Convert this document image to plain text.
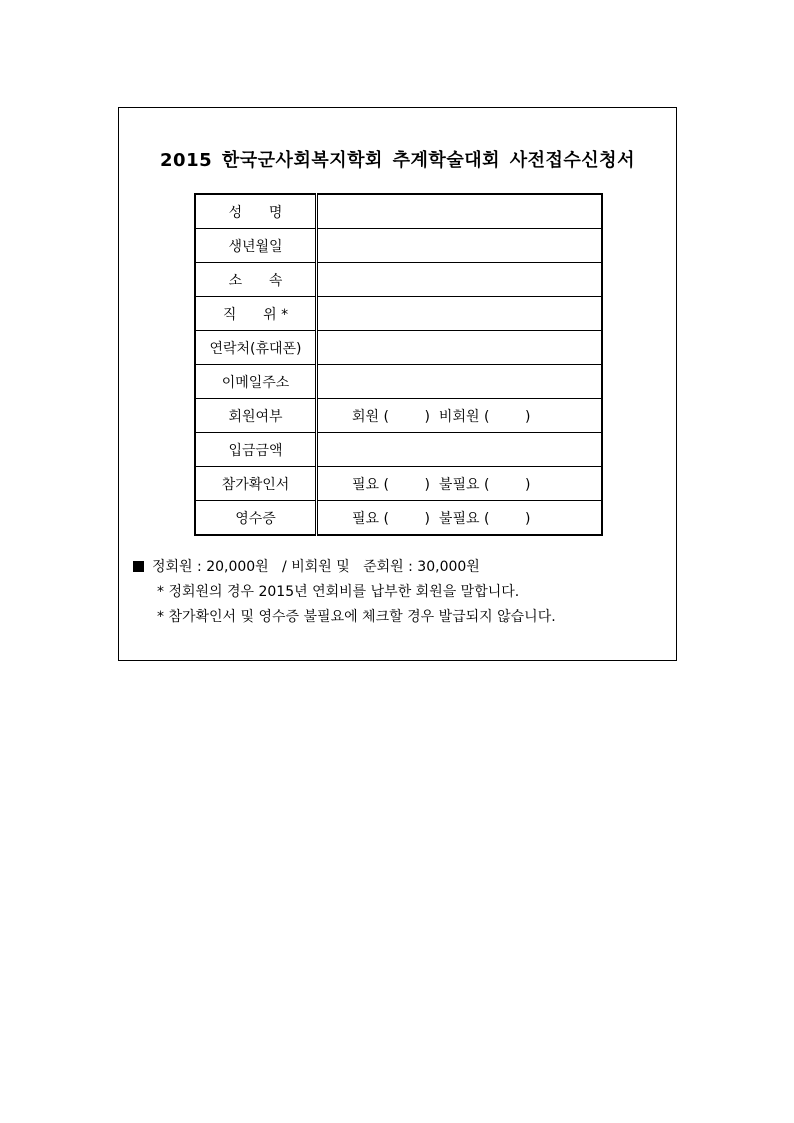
2015 한국군사회복지학회 추계학술대회 사전접수신청서
성      명	
생년월일	
소      속	
직      위 *	
연락처(휴대폰)	
이메일주소	
회원여부	회원 (        )  비회원 (        )
입금금액	
참가확인서	필요 (        )  불필요 (        )
영수증	필요 (        )  불필요 (        )
정회원 : 20,000원   / 비회원 및   준회원 : 30,000원
* 정회원의 경우 2015년 연회비를 납부한 회원을 말합니다.
* 참가확인서 및 영수증 불필요에 체크할 경우 발급되지 않습니다.
